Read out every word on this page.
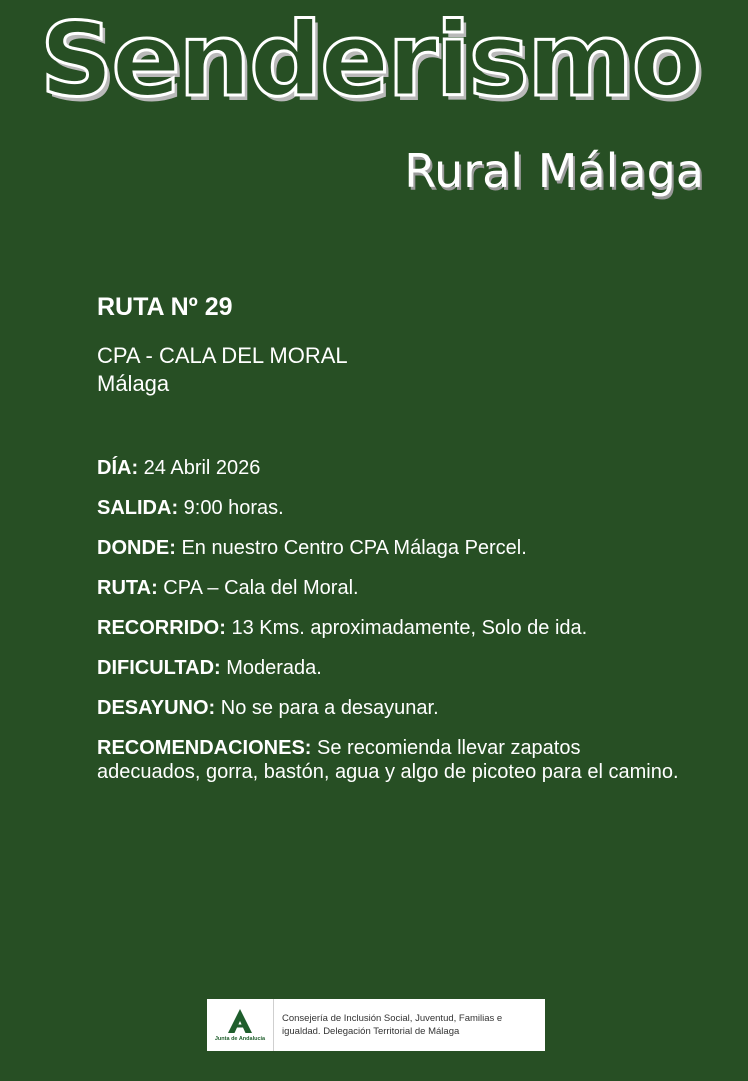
Senderismo
Rural Málaga
RUTA Nº 29
CPA - CALA DEL MORAL
Málaga
DÍA: 24 Abril 2026
SALIDA: 9:00 horas.
DONDE: En nuestro Centro CPA Málaga Percel.
RUTA: CPA – Cala del Moral.
RECORRIDO: 13 Kms. aproximadamente, Solo de ida.
DIFICULTAD: Moderada.
DESAYUNO: No se para a desayunar.
RECOMENDACIONES: Se recomienda llevar zapatos adecuados, gorra, bastón, agua y algo de picoteo para el camino.
Junta de Andalucía
Consejería de Inclusión Social, Juventud, Familias e igualdad. Delegación Territorial de Málaga
